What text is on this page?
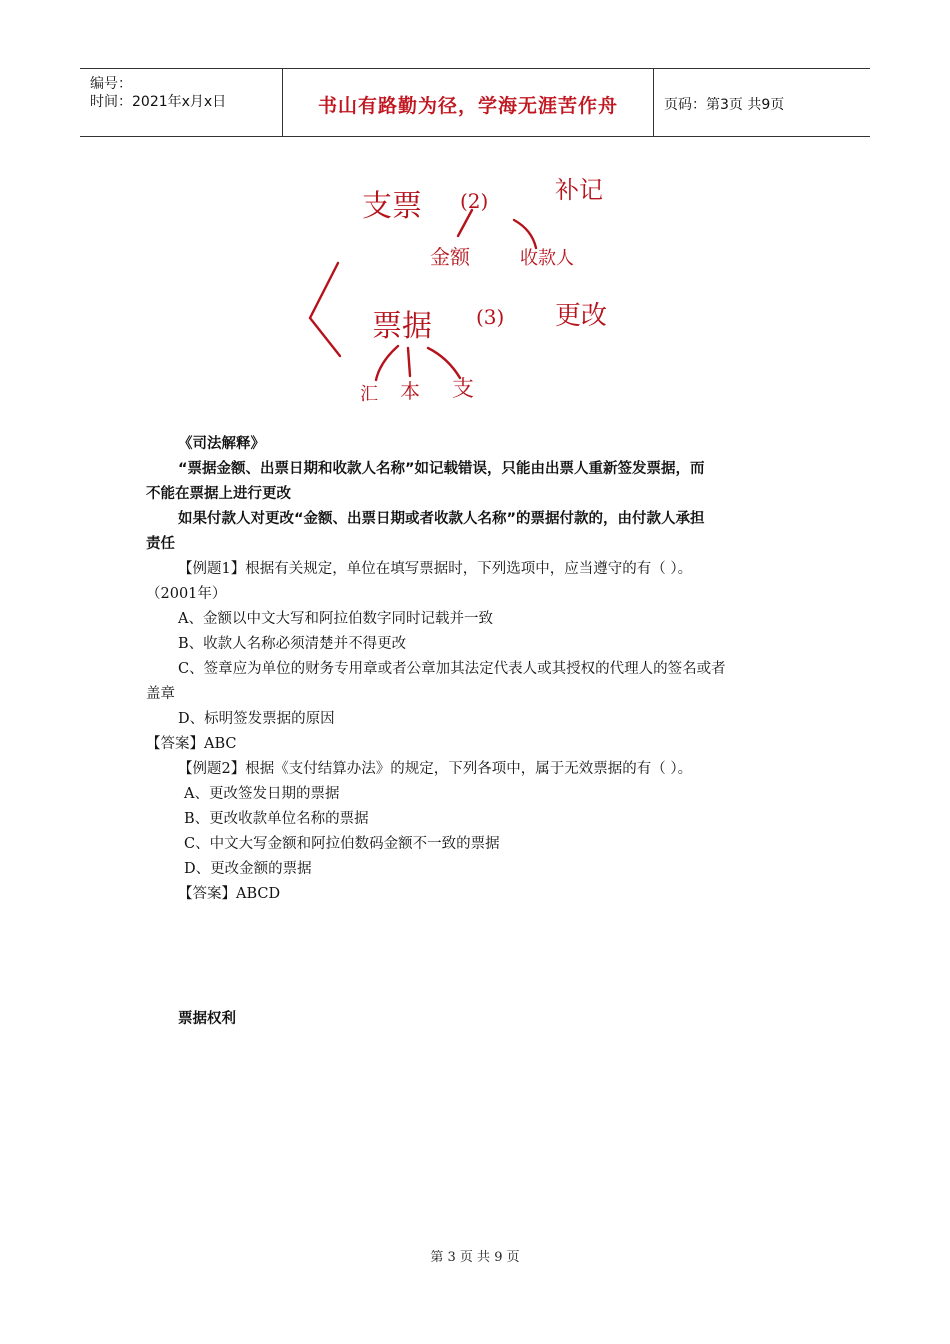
编号：
时间：2021年x月x日	书山有路勤为径，学海无涯苦作舟	页码：第3页 共9页
支票 (2)	补记
金额	收款人
票据 (3) 更改
汇 本 支

《司法解释》

“票据金额、出票日期和收款人名称”如记载错误，只能由出票人重新签发票据，而

不能在票据上进行更改

如果付款人对更改“金额、出票日期或者收款人名称”的票据付款的，由付款人承担

责任

【例题1】根据有关规定，单位在填写票据时，下列选项中，应当遵守的有（ ）。

（2001年）

A、金额以中文大写和阿拉伯数字同时记载并一致

B、收款人名称必须清楚并不得更改

C、签章应为单位的财务专用章或者公章加其法定代表人或其授权的代理人的签名或者

盖章

D、标明签发票据的原因

【答案】ABC

【例题2】根据《支付结算办法》的规定，下列各项中，属于无效票据的有（ ）。

A、更改签发日期的票据

B、更改收款单位名称的票据

C、中文大写金额和阿拉伯数码金额不一致的票据

D、更改金额的票据

【答案】ABCD

票据权利

第 3 页 共 9 页
